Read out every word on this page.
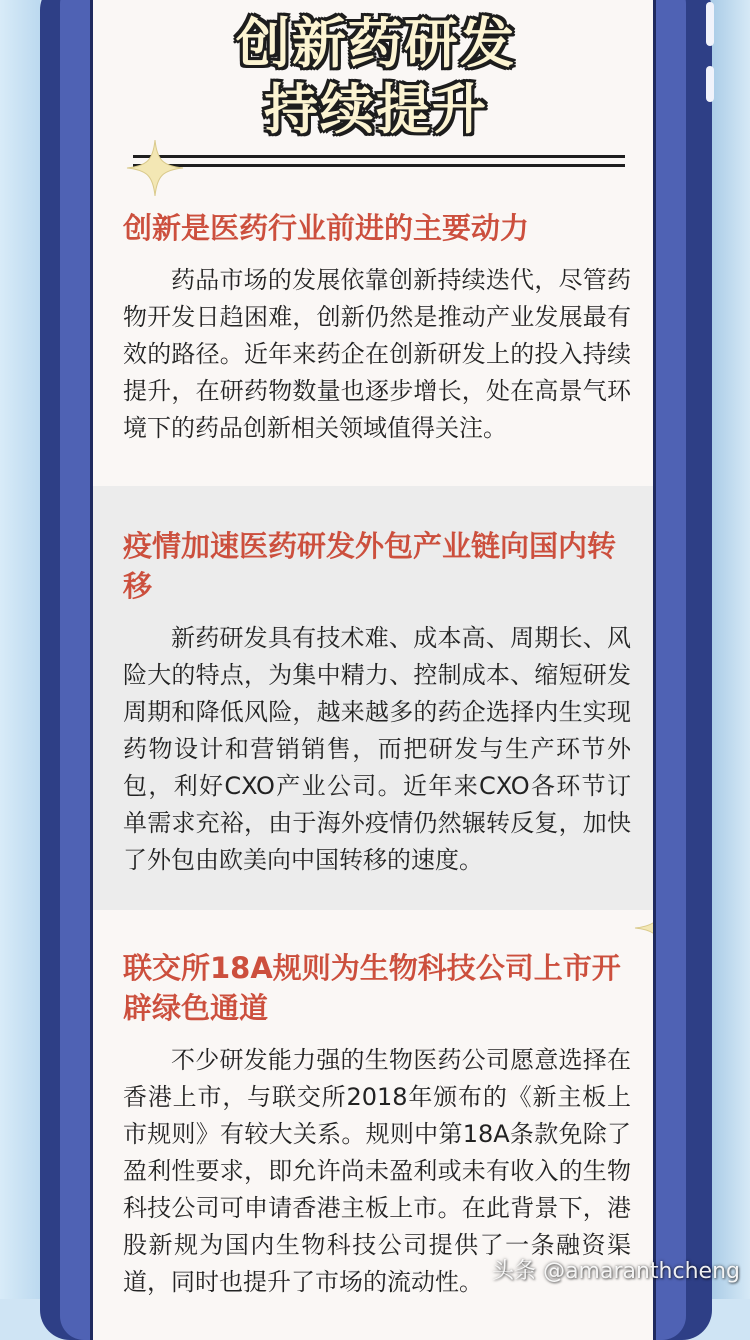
创新药研发
持续提升
创新是医药行业前进的主要动力

药品市场的发展依靠创新持续迭代，尽管药物开发日趋困难，创新仍然是推动产业发展最有效的路径。近年来药企在创新研发上的投入持续提升，在研药物数量也逐步增长，处在高景气环境下的药品创新相关领域值得关注。

疫情加速医药研发外包产业链向国内转移

新药研发具有技术难、成本高、周期长、风险大的特点，为集中精力、控制成本、缩短研发周期和降低风险，越来越多的药企选择内生实现药物设计和营销销售，而把研发与生产环节外包，利好CXO产业公司。近年来CXO各环节订单需求充裕，由于海外疫情仍然辗转反复，加快了外包由欧美向中国转移的速度。

联交所18A规则为生物科技公司上市开辟绿色通道

不少研发能力强的生物医药公司愿意选择在香港上市，与联交所2018年颁布的《新主板上市规则》有较大关系。规则中第18A条款免除了盈利性要求，即允许尚未盈利或未有收入的生物科技公司可申请香港主板上市。在此背景下，港股新规为国内生物科技公司提供了一条融资渠道，同时也提升了市场的流动性。 头条 @amaranthcheng
